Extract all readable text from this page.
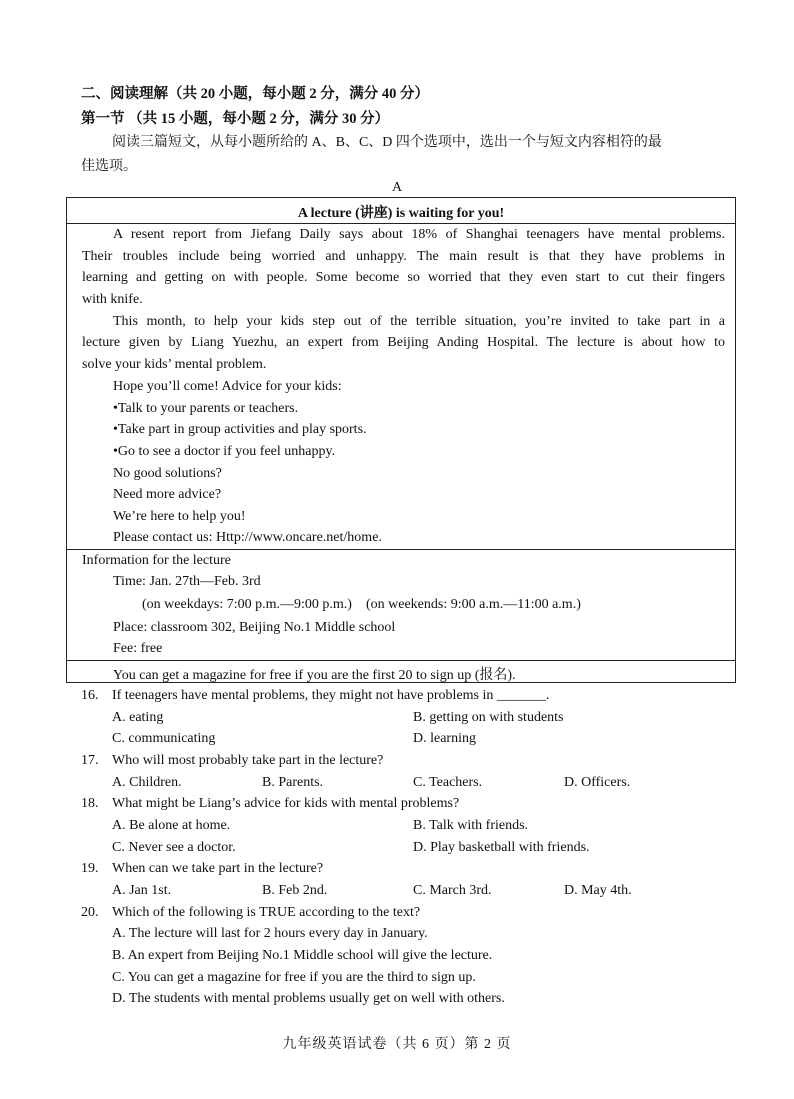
二、阅读理解（共 20 小题，每小题 2 分，满分 40 分）
第一节 （共 15 小题，每小题 2 分，满分 30 分）
阅读三篇短文，从每小题所给的 A、B、C、D 四个选项中，选出一个与短文内容相符的最
佳选项。
A
A lecture (讲座) is waiting for you!
A resent report from Jiefang Daily says about 18% of Shanghai teenagers have mental problems.
Their troubles include being worried and unhappy. The main result is that they have problems in
learning and getting on with people. Some become so worried that they even start to cut their fingers
with knife.
This month, to help your kids step out of the terrible situation, you’re invited to take part in a
lecture given by Liang Yuezhu, an expert from Beijing Anding Hospital. The lecture is about how to
solve your kids’ mental problem.
Hope you’ll come! Advice for your kids:
•Talk to your parents or teachers.
•Take part in group activities and play sports.
•Go to see a doctor if you feel unhappy.
No good solutions?
Need more advice?
We’re here to help you!
Please contact us: Http://www.oncare.net/home.
Information for the lecture
Time: Jan. 27th—Feb. 3rd
(on weekdays: 7:00 p.m.—9:00 p.m.)    (on weekends: 9:00 a.m.—11:00 a.m.)
Place: classroom 302, Beijing No.1 Middle school
Fee: free
You can get a magazine for free if you are the first 20 to sign up (报名).
16. If teenagers have mental problems, they might not have problems in _______.
A. eating	B. getting on with students
C. communicating	D. learning
17. Who will most probably take part in the lecture?
A. Children.	B. Parents.	C. Teachers.	D. Officers.
18. What might be Liang’s advice for kids with mental problems?
A. Be alone at home.	B. Talk with friends.
C. Never see a doctor.	D. Play basketball with friends.
19. When can we take part in the lecture?
A. Jan 1st.	B. Feb 2nd.	C. March 3rd.	D. May 4th.
20. Which of the following is TRUE according to the text?
A. The lecture will last for 2 hours every day in January.
B. An expert from Beijing No.1 Middle school will give the lecture.
C. You can get a magazine for free if you are the third to sign up.
D. The students with mental problems usually get on well with others.
九年级英语试卷（共 6 页）第 2 页
